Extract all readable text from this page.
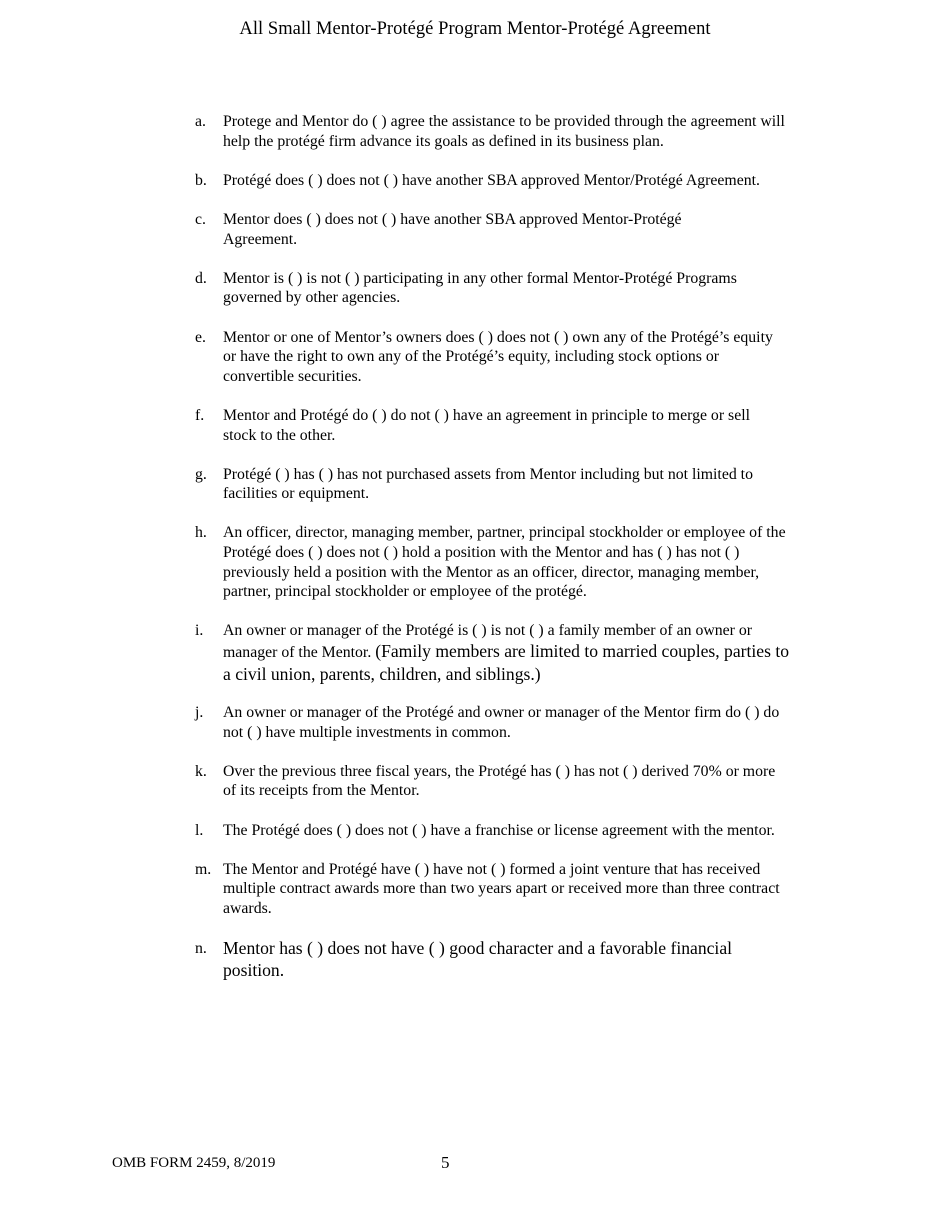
All Small Mentor-Protégé Program Mentor-Protégé Agreement
a.	Protege and Mentor do ( ) agree the assistance to be provided through the agreement will
help the protégé firm advance its goals as defined in its business plan.
b.	Protégé does ( ) does not ( ) have another SBA approved Mentor/Protégé Agreement.
c.	Mentor does ( ) does not ( ) have another SBA approved Mentor-Protégé
Agreement.
d.	Mentor is ( ) is not ( ) participating in any other formal Mentor-Protégé Programs
governed by other agencies.
e.	Mentor or one of Mentor’s owners does ( ) does not ( ) own any of the Protégé’s equity
or have the right to own any of the Protégé’s equity, including stock options or
convertible securities.
f.	Mentor and Protégé do ( ) do not ( ) have an agreement in principle to merge or sell
stock to the other.
g.	Protégé ( ) has ( ) has not purchased assets from Mentor including but not limited to
facilities or equipment.
h.	An officer, director, managing member, partner, principal stockholder or employee of the
Protégé does ( ) does not ( ) hold a position with the Mentor and has ( ) has not ( )
previously held a position with the Mentor as an officer, director, managing member,
partner, principal stockholder or employee of the protégé.
i.	An owner or manager of the Protégé is ( ) is not ( ) a family member of an owner or
manager of the Mentor. (Family members are limited to married couples, parties to
a civil union, parents, children, and siblings.)
j.	An owner or manager of the Protégé and owner or manager of the Mentor firm do ( ) do
not ( ) have multiple investments in common.
k.	Over the previous three fiscal years, the Protégé has ( ) has not ( ) derived 70% or more
of its receipts from the Mentor.
l.	The Protégé does ( ) does not ( ) have a franchise or license agreement with the mentor.
m. The Mentor and Protégé have ( ) have not ( ) formed a joint venture that has received
multiple contract awards more than two years apart or received more than three contract
awards.
n. Mentor has ( ) does not have ( ) good character and a favorable financial
position.
OMB FORM 2459, 8/2019	5
